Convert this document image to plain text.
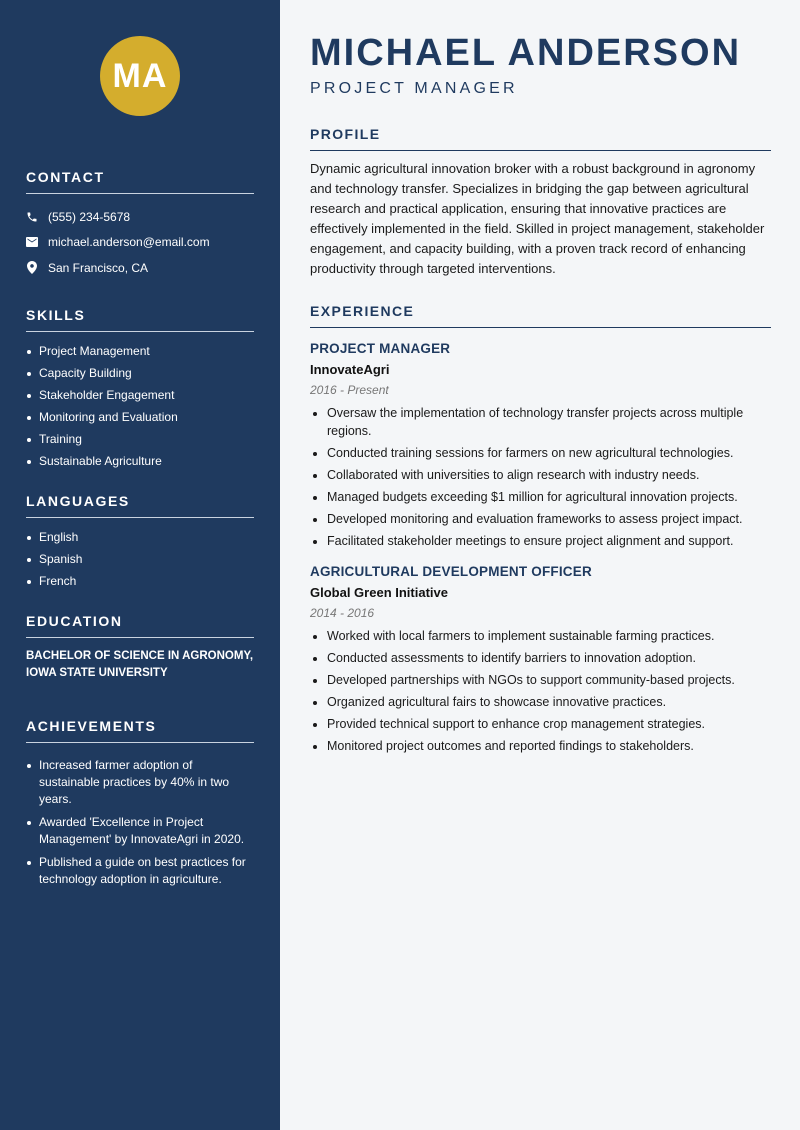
MA
CONTACT
(555) 234-5678
michael.anderson@email.com
San Francisco, CA
SKILLS
Project Management
Capacity Building
Stakeholder Engagement
Monitoring and Evaluation
Training
Sustainable Agriculture
LANGUAGES
English
Spanish
French
EDUCATION
BACHELOR OF SCIENCE IN AGRONOMY,
IOWA STATE UNIVERSITY
ACHIEVEMENTS
Increased farmer adoption of sustainable practices by 40% in two years.
Awarded 'Excellence in Project Management' by InnovateAgri in 2020.
Published a guide on best practices for technology adoption in agriculture.
MICHAEL ANDERSON
PROJECT MANAGER
PROFILE

Dynamic agricultural innovation broker with a robust background in agronomy and technology transfer. Specializes in bridging the gap between agricultural research and practical application, ensuring that innovative practices are effectively implemented in the field. Skilled in project management, stakeholder engagement, and capacity building, with a proven track record of enhancing productivity through targeted interventions.

EXPERIENCE
PROJECT MANAGER
InnovateAgri
2016 - Present
Oversaw the implementation of technology transfer projects across multiple regions.
Conducted training sessions for farmers on new agricultural technologies.
Collaborated with universities to align research with industry needs.
Managed budgets exceeding $1 million for agricultural innovation projects.
Developed monitoring and evaluation frameworks to assess project impact.
Facilitated stakeholder meetings to ensure project alignment and support.
AGRICULTURAL DEVELOPMENT OFFICER
Global Green Initiative
2014 - 2016
Worked with local farmers to implement sustainable farming practices.
Conducted assessments to identify barriers to innovation adoption.
Developed partnerships with NGOs to support community-based projects.
Organized agricultural fairs to showcase innovative practices.
Provided technical support to enhance crop management strategies.
Monitored project outcomes and reported findings to stakeholders.
